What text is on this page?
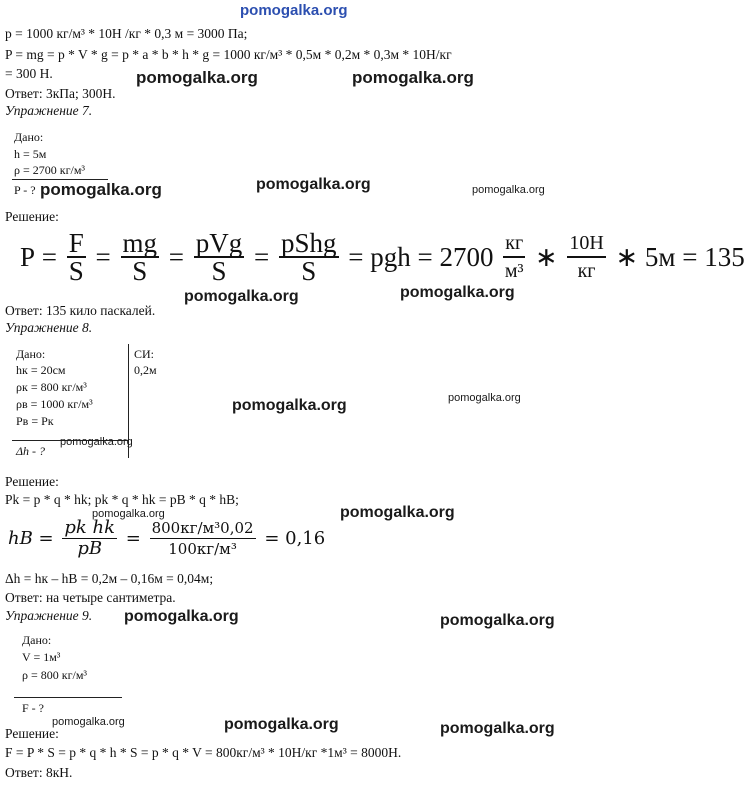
pomogalka.org
p = 1000 кг/м³ * 10Н /кг * 0,3 м = 3000 Па;
P = mg = p * V * g = p * a * b * h * g = 1000 кг/м³ * 0,5м * 0,2м * 0,3м * 10Н/кг
= 300 Н.
Ответ: 3кПа; 300Н.
pomogalka.org	pomogalka.org
Упражнение 7.
Дано:
h = 5м
ρ = 2700 кг/м³
P - ? pomogalka.org	pomogalka.org	pomogalka.org
Решение:
$P = \frac{F}{S} = \frac{mg}{S} = \frac{\text{pVg}}{S} = \frac{\text{pShg}}{S}$ = pgh = $2700 \frac{кг}{\text{м³}}$ ∗ $\frac{10Н}{кг}$ ∗ 5м = 135
pomogalka.org	pomogalka.org
Ответ: 135 кило паскалей.
Упражнение 8.
Дано:
hк = 20см
ρк = 800 кг/м³
ρв = 1000 кг/м³
Pв = Pк
Δh - ?
СИ:
0,2м
pomogalka.org
pomogalka.org	pomogalka.org
Решение:
Pk = p * q * hk; pk * q * hk = pB * q * hB;
pomogalka.org	pomogalka.org
hB = $\frac{\text{pk hk}}{pB} = \frac{\text{800кг/м³0,02}}{\text{100кг/м³}} = 0,16$
Δh = hк – hВ = 0,2м – 0,16м = 0,04м;
Ответ: на четыре сантиметра.
Упражнение 9. pomogalka.org	pomogalka.org
Дано:
V = 1м³
ρ = 800 кг/м³
F - ?
pomogalka.org	pomogalka.org	pomogalka.org
Решение:
F = P * S = p * q * h * S = p * q * V = 800кг/м³ * 10Н/кг *1м³ = 8000Н.
Ответ: 8кН.
